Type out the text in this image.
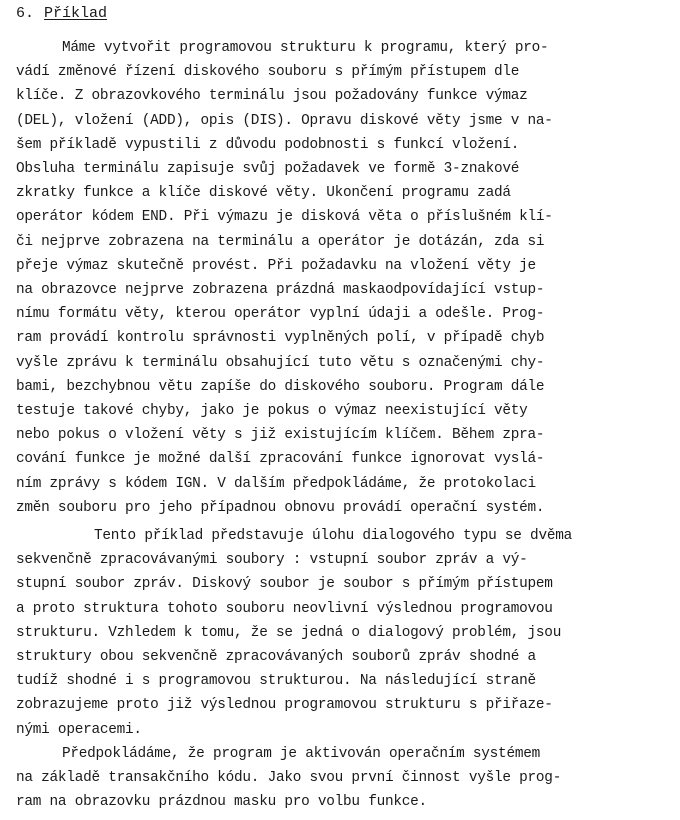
6. Příklad
Máme vytvořit programovou strukturu k programu, který pro-
vádí změnové řízení diskového souboru s přímým přístupem dle
klíče. Z obrazovkového terminálu jsou požadovány funkce výmaz
(DEL), vložení (ADD), opis (DIS). Opravu diskové věty jsme v na-
šem příkladě vypustili z důvodu podobnosti s funkcí vložení.
Obsluha terminálu zapisuje svůj požadavek ve formě 3-znakové
zkratky funkce a klíče diskové věty. Ukončení programu zadá
operátor kódem END. Při výmazu je disková věta o příslušném klí-
či nejprve zobrazena na terminálu a operátor je dotázán, zda si
přeje výmaz skutečně provést. Při požadavku na vložení věty je
na obrazovce nejprve zobrazena prázdná maskaodpovídající vstup-
nímu formátu věty, kterou operátor vyplní údaji a odešle. Prog-
ram provádí kontrolu správnosti vyplněných polí, v případě chyb
vyšle zprávu k terminálu obsahující tuto větu s označenými chy-
bami, bezchybnou větu zapíše do diskového souboru. Program dále
testuje takové chyby, jako je pokus o výmaz neexistující věty
nebo pokus o vložení věty s již existujícím klíčem. Během zpra-
cování funkce je možné další zpracování funkce ignorovat vyslá-
ním zprávy s kódem IGN. V dalším předpokládáme, že protokolaci
změn souboru pro jeho případnou obnovu provádí operační systém.
Tento příklad představuje úlohu dialogového typu se dvěma
sekvenčně zpracovávanými soubory : vstupní soubor zpráv a vý-
stupní soubor zpráv. Diskový soubor je soubor s přímým přístupem
a proto struktura tohoto souboru neovlivní výslednou programovou
strukturu. Vzhledem k tomu, že se jedná o dialogový problém, jsou
struktury obou sekvenčně zpracovávaných souborů zpráv shodné a
tudíž shodné i s programovou strukturou. Na následující straně
zobrazujeme proto již výslednou programovou strukturu s přiřaze-
nými operacemi.
Předpokládáme, že program je aktivován operačním systémem
na základě transakčního kódu. Jako svou první činnost vyšle prog-
ram na obrazovku prázdnou masku pro volbu funkce.
